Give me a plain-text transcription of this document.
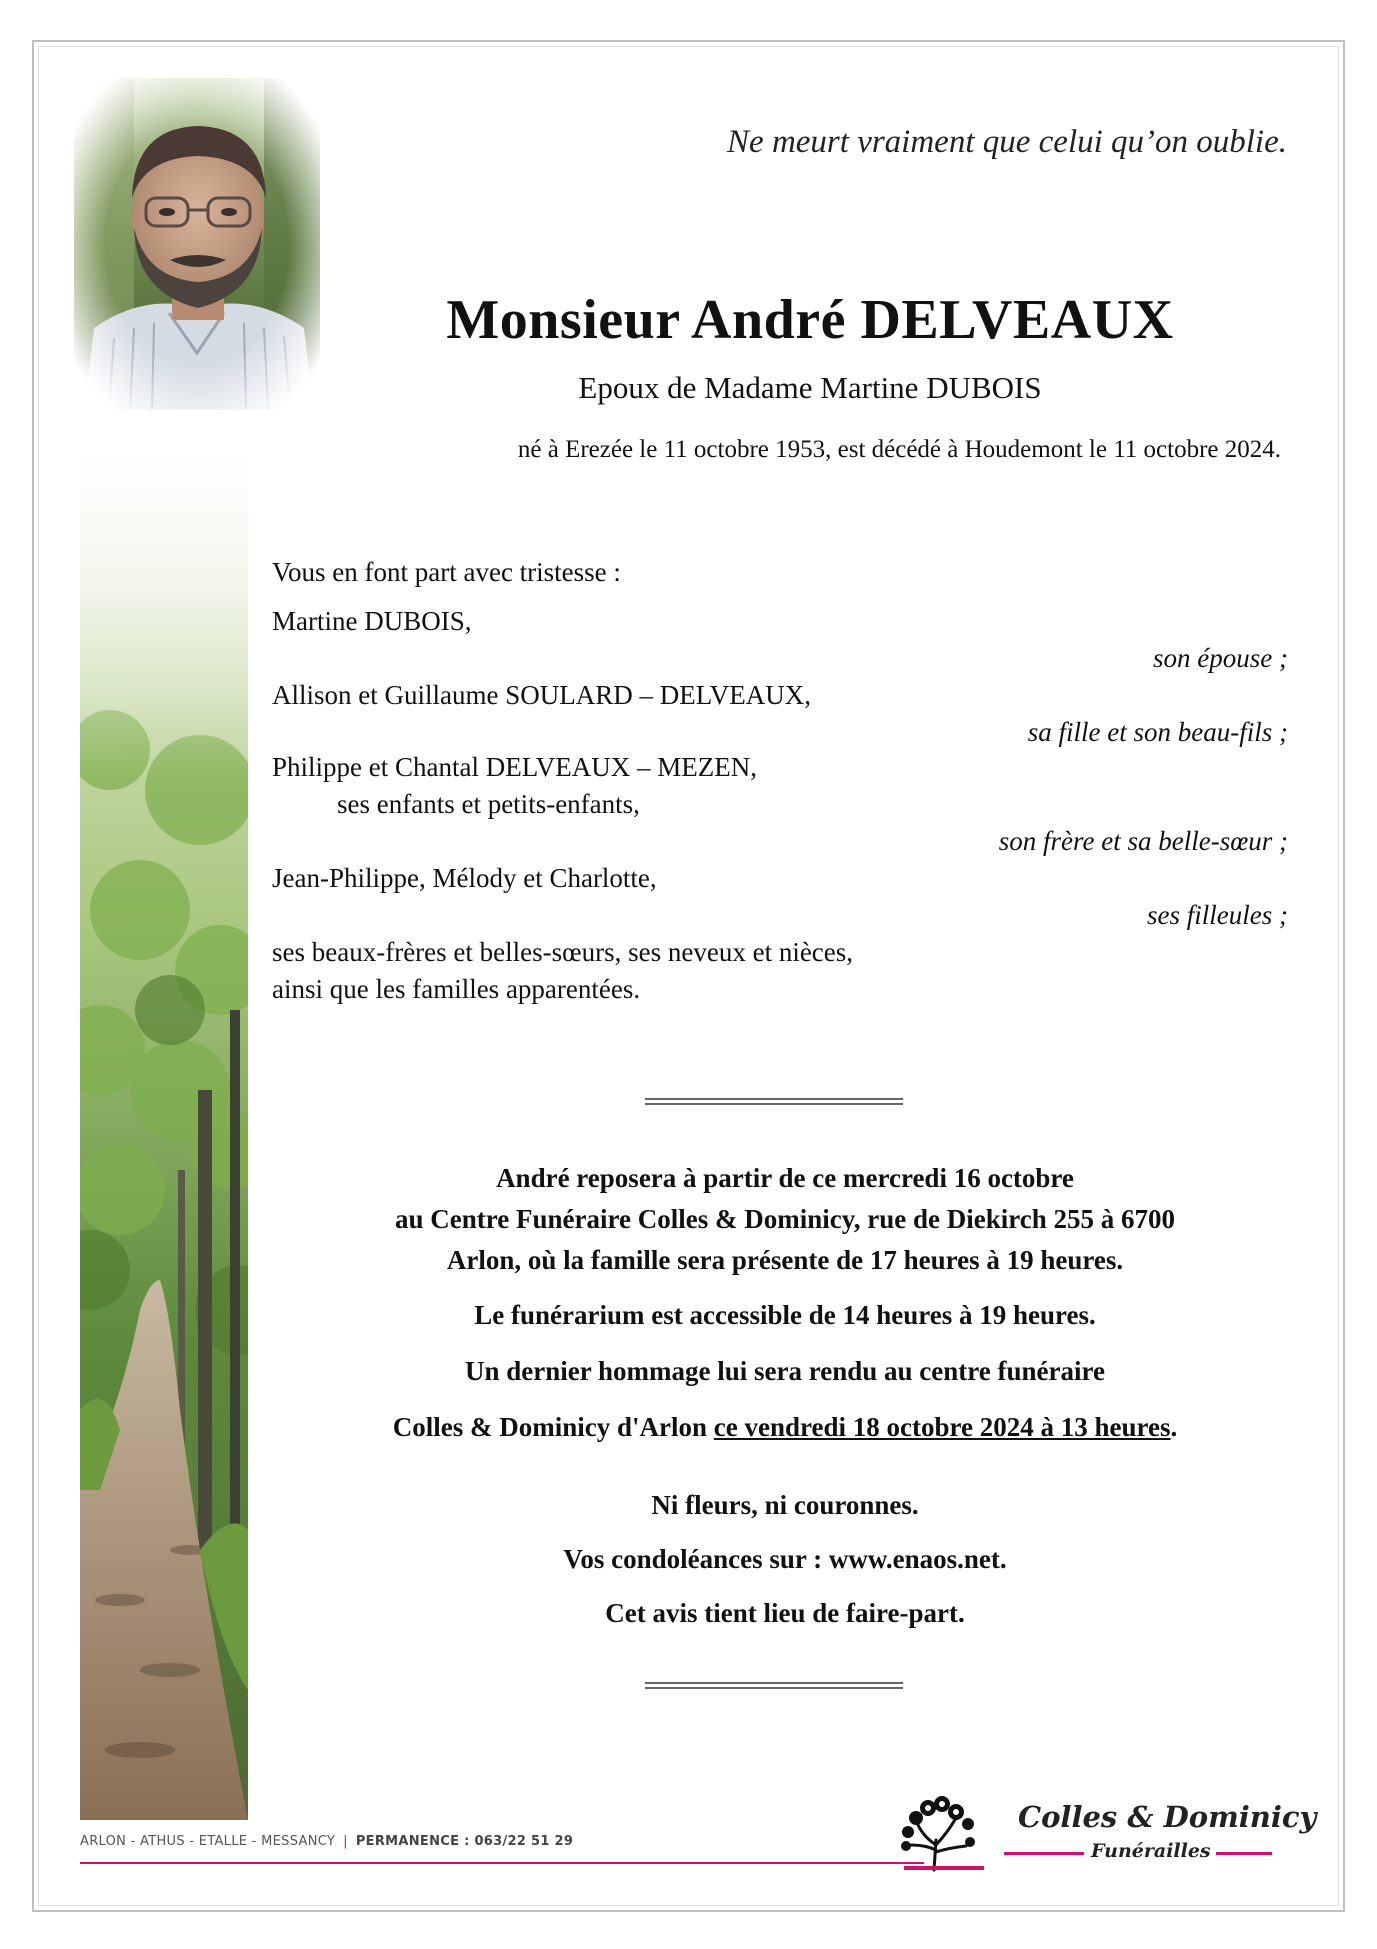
Ne meurt vraiment que celui qu’on oublie.
Monsieur André DELVEAUX
Epoux de Madame Martine DUBOIS
né à Erezée le 11 octobre 1953, est décédé à Houdemont le 11 octobre 2024.
Vous en font part avec tristesse :
Martine DUBOIS,
son épouse ;
Allison et Guillaume SOULARD – DELVEAUX,
sa fille et son beau-fils ;
Philippe et Chantal DELVEAUX – MEZEN,
ses enfants et petits-enfants,
son frère et sa belle-sœur ;
Jean-Philippe, Mélody et Charlotte,
ses filleules ;
ses beaux-frères et belles-sœurs, ses neveux et nièces,
ainsi que les familles apparentées.

André reposera à partir de ce mercredi 16 octobre

au Centre Funéraire Colles & Dominicy, rue de Diekirch 255 à 6700

Arlon, où la famille sera présente de 17 heures à 19 heures.

Le funérarium est accessible de 14 heures à 19 heures.
Un dernier hommage lui sera rendu au centre funéraire
Colles & Dominicy d'Arlon ce vendredi 18 octobre 2024 à 13 heures.
Ni fleurs, ni couronnes.
Vos condoléances sur : www.enaos.net.
Cet avis tient lieu de faire-part.
ARLON - ATHUS - ETALLE - MESSANCY | PERMANENCE : 063/22 51 29
Colles & Dominicy
Funérailles
